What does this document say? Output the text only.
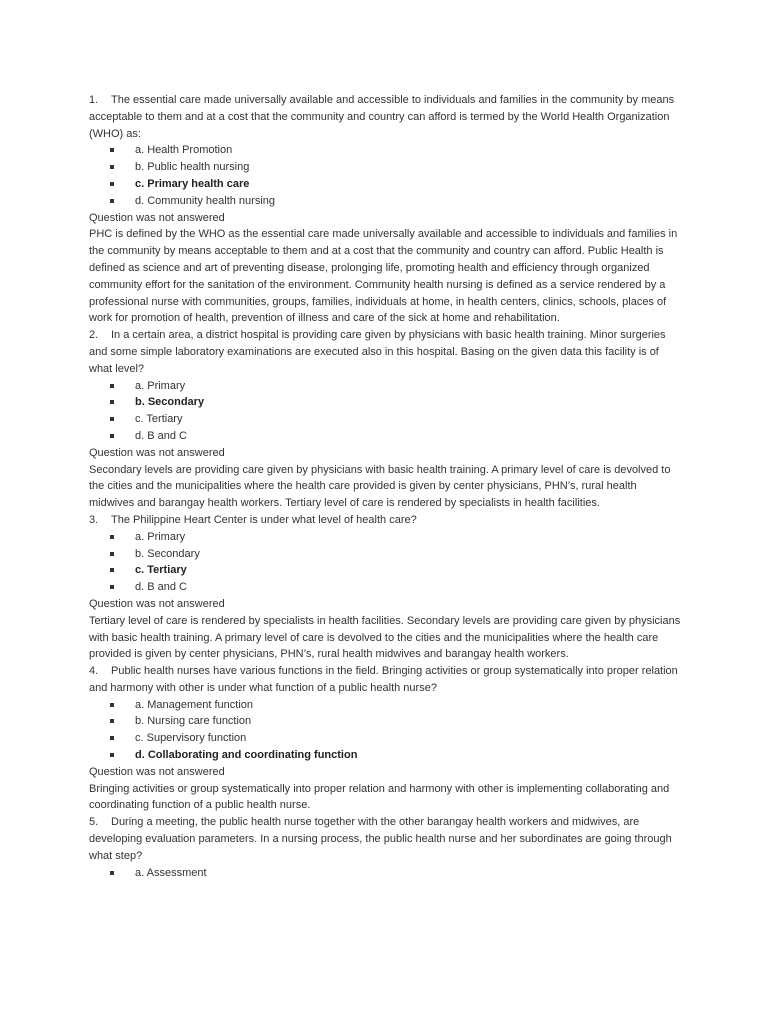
1. The essential care made universally available and accessible to individuals and families in the community by means acceptable to them and at a cost that the community and country can afford is termed by the World Health Organization (WHO) as:

a. Health Promotion
b. Public health nursing
c. Primary health care
d. Community health nursing

Question was not answered

PHC is defined by the WHO as the essential care made universally available and accessible to individuals and families in the community by means acceptable to them and at a cost that the community and country can afford. Public Health is defined as science and art of preventing disease, prolonging life, promoting health and efficiency through organized community effort for the sanitation of the environment. Community health nursing is defined as a service rendered by a professional nurse with communities, groups, families, individuals at home, in health centers, clinics, schools, places of work for promotion of health, prevention of illness and care of the sick at home and rehabilitation.

2. In a certain area, a district hospital is providing care given by physicians with basic health training. Minor surgeries and some simple laboratory examinations are executed also in this hospital. Basing on the given data this facility is of what level?

a. Primary
b. Secondary
c. Tertiary
d. B and C

Question was not answered

Secondary levels are providing care given by physicians with basic health training. A primary level of care is devolved to the cities and the municipalities where the health care provided is given by center physicians, PHN’s, rural health midwives and barangay health workers. Tertiary level of care is rendered by specialists in health facilities.

3. The Philippine Heart Center is under what level of health care?

a. Primary
b. Secondary
c. Tertiary
d. B and C

Question was not answered

Tertiary level of care is rendered by specialists in health facilities. Secondary levels are providing care given by physicians with basic health training. A primary level of care is devolved to the cities and the municipalities where the health care provided is given by center physicians, PHN’s, rural health midwives and barangay health workers.

4. Public health nurses have various functions in the field. Bringing activities or group systematically into proper relation and harmony with other is under what function of a public health nurse?

a. Management function
b. Nursing care function
c. Supervisory function
d. Collaborating and coordinating function

Question was not answered

Bringing activities or group systematically into proper relation and harmony with other is implementing collaborating and coordinating function of a public health nurse.

5. During a meeting, the public health nurse together with the other barangay health workers and midwives, are developing evaluation parameters. In a nursing process, the public health nurse and her subordinates are going through what step?

a. Assessment
